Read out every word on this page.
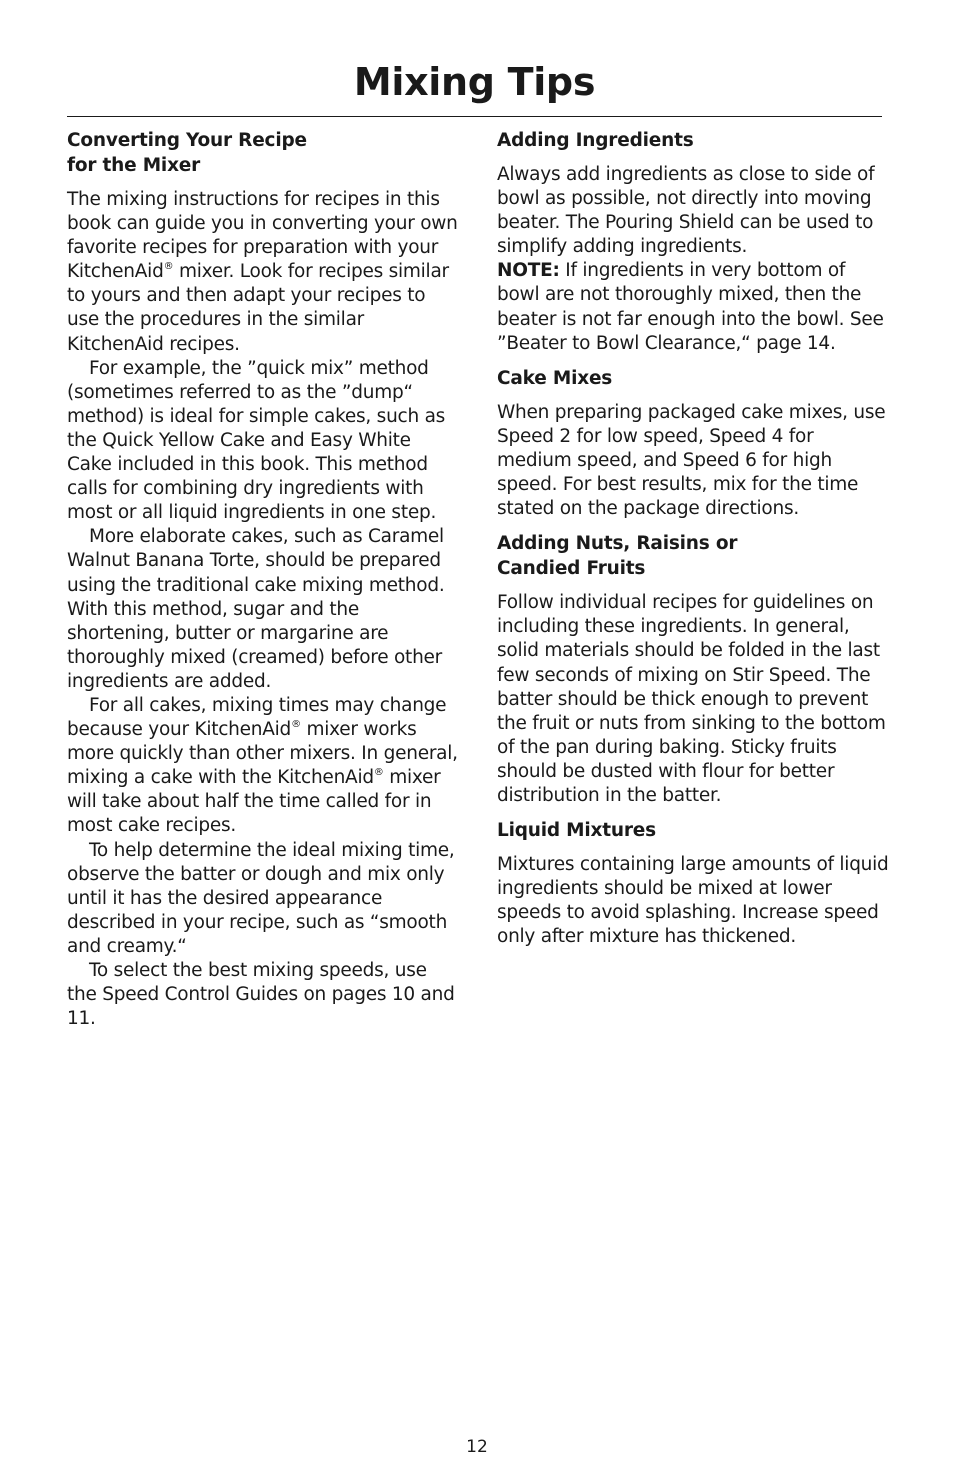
Mixing Tips
Converting Your Recipe
for the Mixer

The mixing instructions for recipes in this book can guide you in converting your own favorite recipes for preparation with your KitchenAid® mixer. Look for recipes similar to yours and then adapt your recipes to use the procedures in the similar KitchenAid recipes.

For example, the ”quick mix” method (sometimes referred to as the ”dump“ method) is ideal for simple cakes, such as the Quick Yellow Cake and Easy White Cake included in this book. This method calls for combining dry ingredients with most or all liquid ingredients in one step.

More elaborate cakes, such as Caramel Walnut Banana Torte, should be prepared using the traditional cake mixing method. With this method, sugar and the shortening, butter or margarine are thoroughly mixed (creamed) before other ingredients are added.

For all cakes, mixing times may change because your KitchenAid® mixer works more quickly than other mixers. In general, mixing a cake with the KitchenAid® mixer will take about half the time called for in most cake recipes.

To help determine the ideal mixing time, observe the batter or dough and mix only until it has the desired appearance described in your recipe, such as “smooth and creamy.“

To select the best mixing speeds, use the Speed Control Guides on pages 10 and 11.

Adding Ingredients

Always add ingredients as close to side of bowl as possible, not directly into moving beater. The Pouring Shield can be used to simplify adding ingredients.

NOTE: If ingredients in very bottom of bowl are not thoroughly mixed, then the beater is not far enough into the bowl. See ”Beater to Bowl Clearance,“ page 14.

Cake Mixes

When preparing packaged cake mixes, use Speed 2 for low speed, Speed 4 for medium speed, and Speed 6 for high speed. For best results, mix for the time stated on the package directions.

Adding Nuts, Raisins or
Candied Fruits

Follow individual recipes for guidelines on including these ingredients. In general, solid materials should be folded in the last few seconds of mixing on Stir Speed. The batter should be thick enough to prevent the fruit or nuts from sinking to the bottom of the pan during baking. Sticky fruits should be dusted with flour for better distribution in the batter.

Liquid Mixtures

Mixtures containing large amounts of liquid ingredients should be mixed at lower speeds to avoid splashing. Increase speed only after mixture has thickened.

12
